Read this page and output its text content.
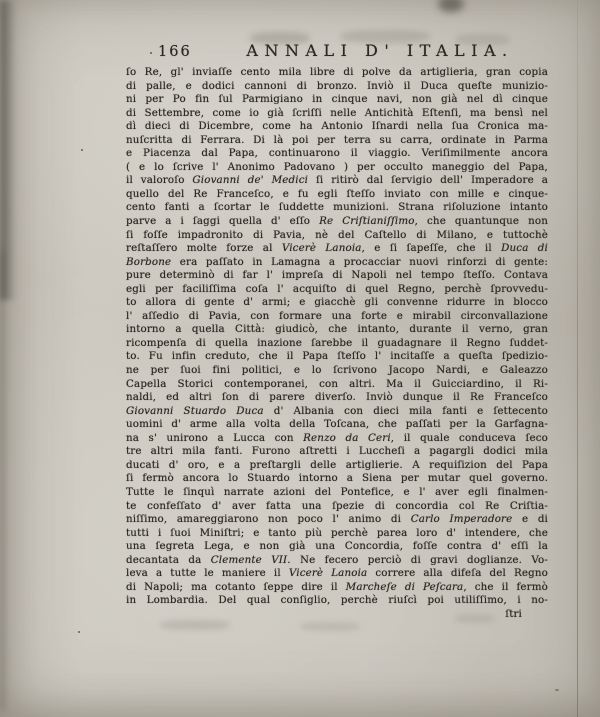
166	ANNALI D' ITALIA.
ſo Re, gl' inviaſſe cento mila libre di polve da artiglieria, gran copia
di palle, e dodici cannoni di bronzo. Inviò il Duca queſte munizio-
ni per Po fin ſul Parmigiano in cinque navi, non già nel dì cinque
di Settembre, come io già ſcriſſi nelle Antichità Eſtenſi, ma bensì nel
dì dieci di Dicembre, come ha Antonio Iſnardi nella ſua Cronica ma-
nuſcritta di Ferrara. Di là poi per terra su carra, ordinate in Parma
e Piacenza dal Papa, continuarono il viaggio. Veriſimilmente ancora
( e lo ſcrive l' Anonimo Padovano ) per occulto maneggio del Papa,
il valoroſo Giovanni de' Medici ſi ritirò dal ſervigio dell' Imperadore a
quello del Re Franceſco, e fu egli ſteſſo inviato con mille e cinque-
cento fanti a ſcortar le ſuddette munizioni. Strana riſoluzione intanto
parve a i ſaggi quella d' eſſo Re Criſtianiſſimo, che quantunque non
ſi foſſe impadronito di Pavia, nè del Caſtello di Milano, e tuttochè
reſtaſſero molte forze al Vicerè Lanoia, e ſi ſapeſſe, che il Duca di
Borbone era paſſato in Lamagna a procacciar nuovi rinforzi di gente:
pure determinò di far l' impreſa di Napoli nel tempo ſteſſo. Contava
egli per faciliſſima coſa l' acquiſto di quel Regno, perchè ſprovvedu-
to allora di gente d' armi; e giacchè gli convenne ridurre in blocco
l' aſſedio di Pavia, con formare una forte e mirabil circonvallazione
intorno a quella Città: giudicò, che intanto, durante il verno, gran
ricompenſa di quella inazione ſarebbe il guadagnare il Regno ſuddet-
to. Fu infin creduto, che il Papa ſteſſo l' incitaſſe a queſta ſpedizio-
ne per ſuoi fini politici, e lo ſcrivono Jacopo Nardi, e Galeazzo
Capella Storici contemporanei, con altri. Ma il Guicciardino, il Ri-
naldi, ed altri ſon di parere diverſo. Inviò dunque il Re Franceſco
Giovanni Stuardo Duca d' Albania con dieci mila fanti e ſettecento
uomini d' arme alla volta della Toſcana, che paſſati per la Garfagna-
na s' unirono a Lucca con Renzo da Ceri, il quale conduceva ſeco
tre altri mila fanti. Furono aſtretti i Luccheſi a pagargli dodici mila
ducati d' oro, e a preſtargli delle artiglierie. A requiſizion del Papa
ſi fermò ancora lo Stuardo intorno a Siena per mutar quel governo.
Tutte le ſinquì narrate azioni del Pontefice, e l' aver egli finalmen-
te confeſſato d' aver fatta una ſpezie di concordia col Re Criſtia-
niſſimo, amareggiarono non poco l' animo di Carlo Imperadore e di
tutti i ſuoi Miniſtri; e tanto più perchè parea loro d' intendere, che
una ſegreta Lega, e non già una Concordia, foſſe contra d' eſſi la
decantata da Clemente VII. Ne fecero perciò di gravi doglianze. Vo-
leva a tutte le maniere il Vicerè Lanoia correre alla difeſa del Regno
di Napoli; ma cotanto ſeppe dire il Marcheſe di Peſcara, che il fermò
in Lombardia. Del qual conſiglio, perchè riuſcì poi utiliſſimo, i no-
ſtri
